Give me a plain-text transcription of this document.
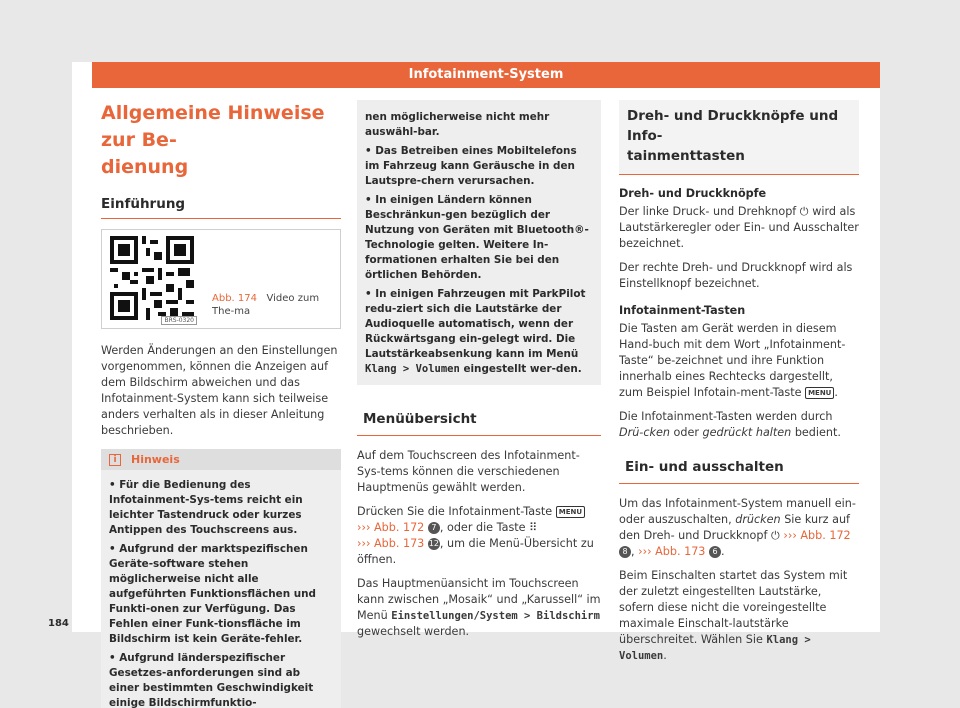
Infotainment-System
Allgemeine Hinweise zur Be-
dienung
Einführung
BRS-0320
Abb. 174 Video zum The-ma

Werden Änderungen an den Einstellungen vorgenommen, können die Anzeigen auf dem Bildschirm abweichen und das Infotainment-System kann sich teilweise anders verhalten als in dieser Anleitung beschrieben.

i	Hinweis
• Für die Bedienung des Infotainment-Sys-tems reicht ein leichter Tastendruck oder kurzes Antippen des Touchscreens aus.
• Aufgrund der marktspezifischen Geräte-software stehen möglicherweise nicht alle aufgeführten Funktionsflächen und Funkti-onen zur Verfügung. Das Fehlen einer Funk-tionsfläche im Bildschirm ist kein Geräte-fehler.
• Aufgrund länderspezifischer Gesetzes-anforderungen sind ab einer bestimmten Geschwindigkeit einige Bildschirmfunktio-
nen möglicherweise nicht mehr auswähl-bar.
• Das Betreiben eines Mobiltelefons im Fahrzeug kann Geräusche in den Lautspre-chern verursachen.
• In einigen Ländern können Beschränkun-gen bezüglich der Nutzung von Geräten mit Bluetooth®-Technologie gelten. Weitere In-formationen erhalten Sie bei den örtlichen Behörden.
• In einigen Fahrzeugen mit ParkPilot redu-ziert sich die Lautstärke der Audioquelle automatisch, wenn der Rückwärtsgang ein-gelegt wird. Die Lautstärkeabsenkung kann im Menü Klang > Volumen eingestellt wer-den.
Menüübersicht

Auf dem Touchscreen des Infotainment-Sys-tems können die verschiedenen Hauptmenüs gewählt werden.

Drücken Sie die Infotainment-Taste MENU
››› Abb. 172 7 , oder die Taste ⠿
››› Abb. 173 12, um die Menü-Übersicht zu öffnen.

Das Hauptmenüansicht im Touchscreen kann zwischen „Mosaik“ und „Karussell“ im Menü Einstellungen/System > Bildschirm gewechselt werden.

Dreh- und Druckknöpfe und Info-
tainmenttasten
Dreh- und Druckknöpfe

Der linke Druck- und Drehknopf ⏻ wird als Lautstärkeregler oder Ein- und Ausschalter bezeichnet.

Der rechte Dreh- und Druckknopf wird als Einstellknopf bezeichnet.

Infotainment-Tasten

Die Tasten am Gerät werden in diesem Hand-buch mit dem Wort „Infotainment-Taste“ be-zeichnet und ihre Funktion innerhalb eines Rechtecks dargestellt, zum Beispiel Infotain-ment-Taste MENU .

Die Infotainment-Tasten werden durch Drü-cken oder gedrückt halten bedient.

Ein- und ausschalten

Um das Infotainment-System manuell ein-oder auszuschalten, drücken Sie kurz auf den Dreh- und Druckknopf ⏻ ››› Abb. 172 8 , ››› Abb. 173 6 .

Beim Einschalten startet das System mit der zuletzt eingestellten Lautstärke, sofern diese nicht die voreingestellte maximale Einschalt-lautstärke überschreitet. Wählen Sie Klang > Volumen.

184
